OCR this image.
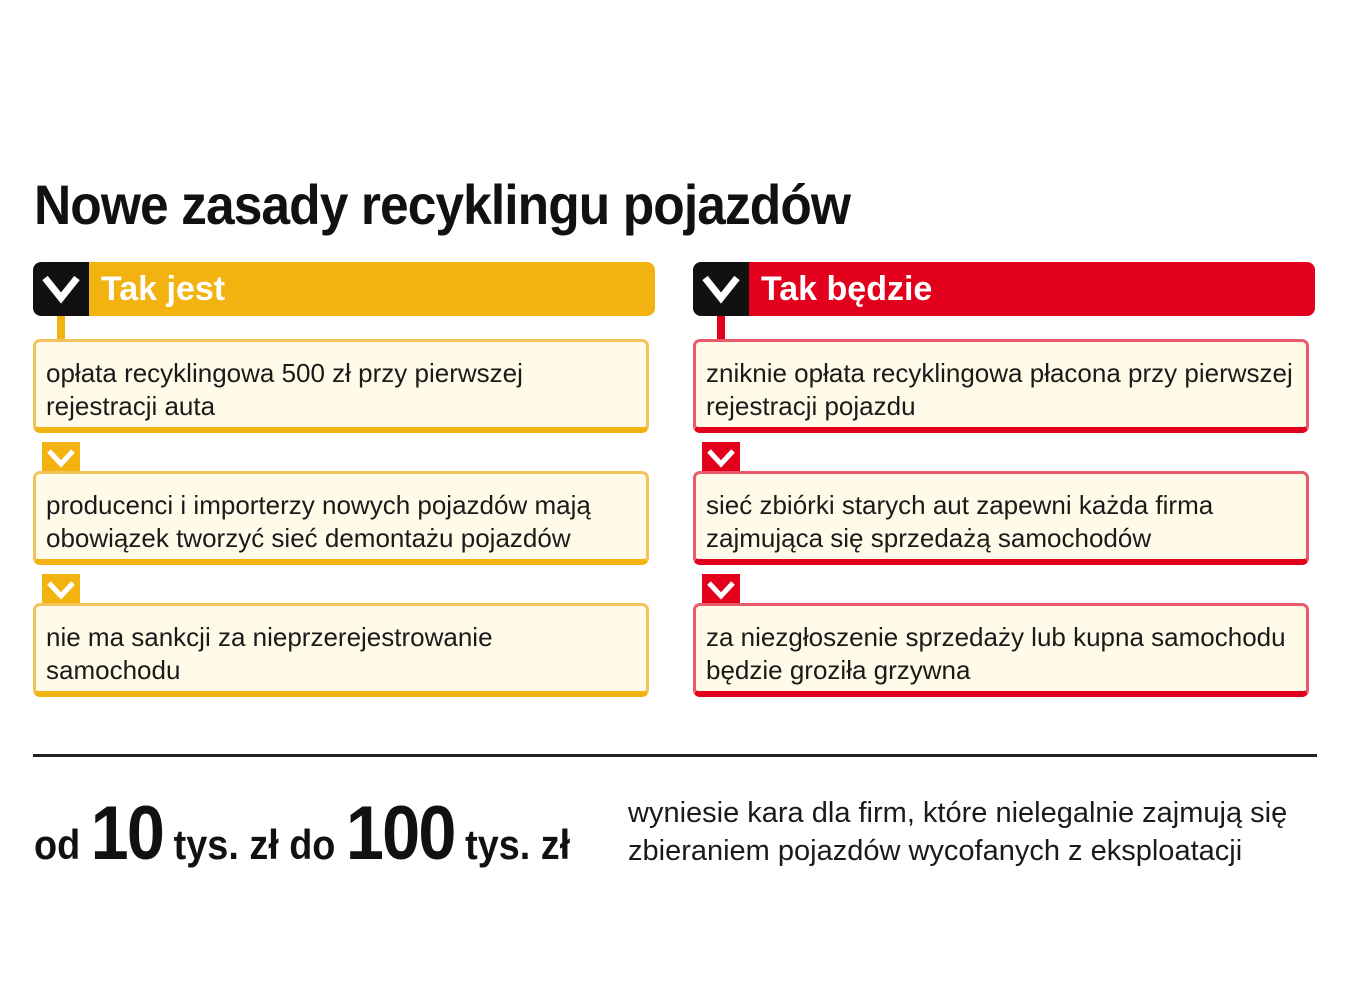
Nowe zasady recyklingu pojazdów
Tak jest
opłata recyklingowa 500 zł przy pierwszej rejestracji auta
producenci i importerzy nowych pojazdów mają obowiązek tworzyć sieć demontażu pojazdów
nie ma sankcji za nieprzerejestrowanie samochodu
Tak będzie
zniknie opłata recyklingowa płacona przy pierwszej rejestracji pojazdu
sieć zbiórki starych aut zapewni każda firma zajmująca się sprzedażą samochodów
za niezgłoszenie sprzedaży lub kupna samochodu będzie groziła grzywna
od 10 tys. zł do 100 tys. zł
wyniesie kara dla firm, które nielegalnie zajmują się zbieraniem pojazdów wycofanych z eksploatacji
